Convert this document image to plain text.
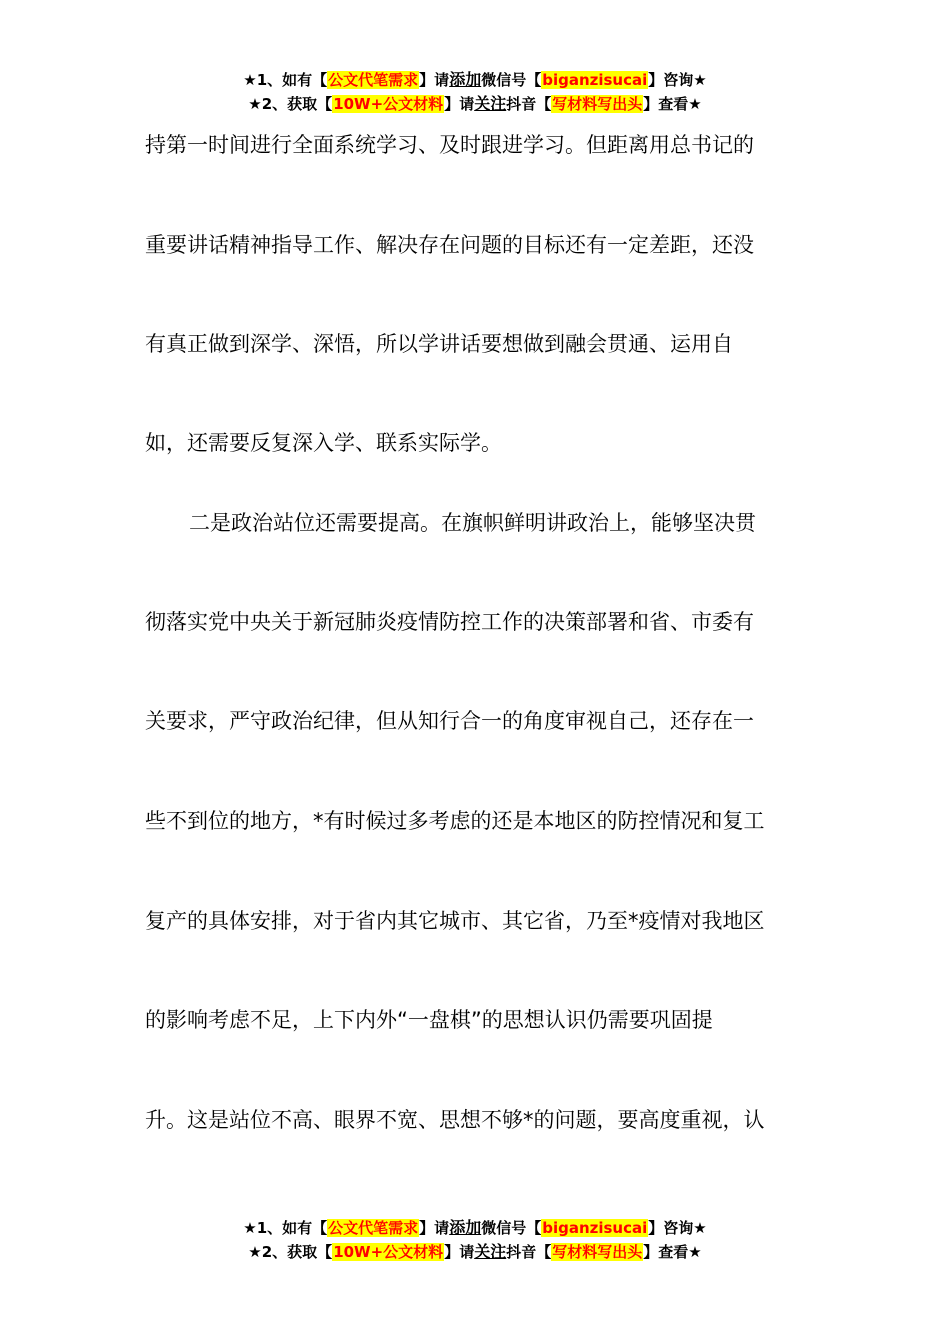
★1、如有【公文代笔需求】请添加微信号【biganzisucai】咨询★
★2、获取【10W+公文材料】请关注抖音【写材料写出头】查看★
持第一时间进行全面系统学习、及时跟进学习。但距离用总书记的
重要讲话精神指导工作、解决存在问题的目标还有一定差距，还没
有真正做到深学、深悟，所以学讲话要想做到融会贯通、运用自
如，还需要反复深入学、联系实际学。
二是政治站位还需要提高。在旗帜鲜明讲政治上，能够坚决贯
彻落实党中央关于新冠肺炎疫情防控工作的决策部署和省、市委有
关要求，严守政治纪律，但从知行合一的角度审视自己，还存在一
些不到位的地方，*有时候过多考虑的还是本地区的防控情况和复工
复产的具体安排，对于省内其它城市、其它省，乃至*疫情对我地区
的影响考虑不足，上下内外“一盘棋”的思想认识仍需要巩固提
升。这是站位不高、眼界不宽、思想不够*的问题，要高度重视，认
★1、如有【公文代笔需求】请添加微信号【biganzisucai】咨询★
★2、获取【10W+公文材料】请关注抖音【写材料写出头】查看★
